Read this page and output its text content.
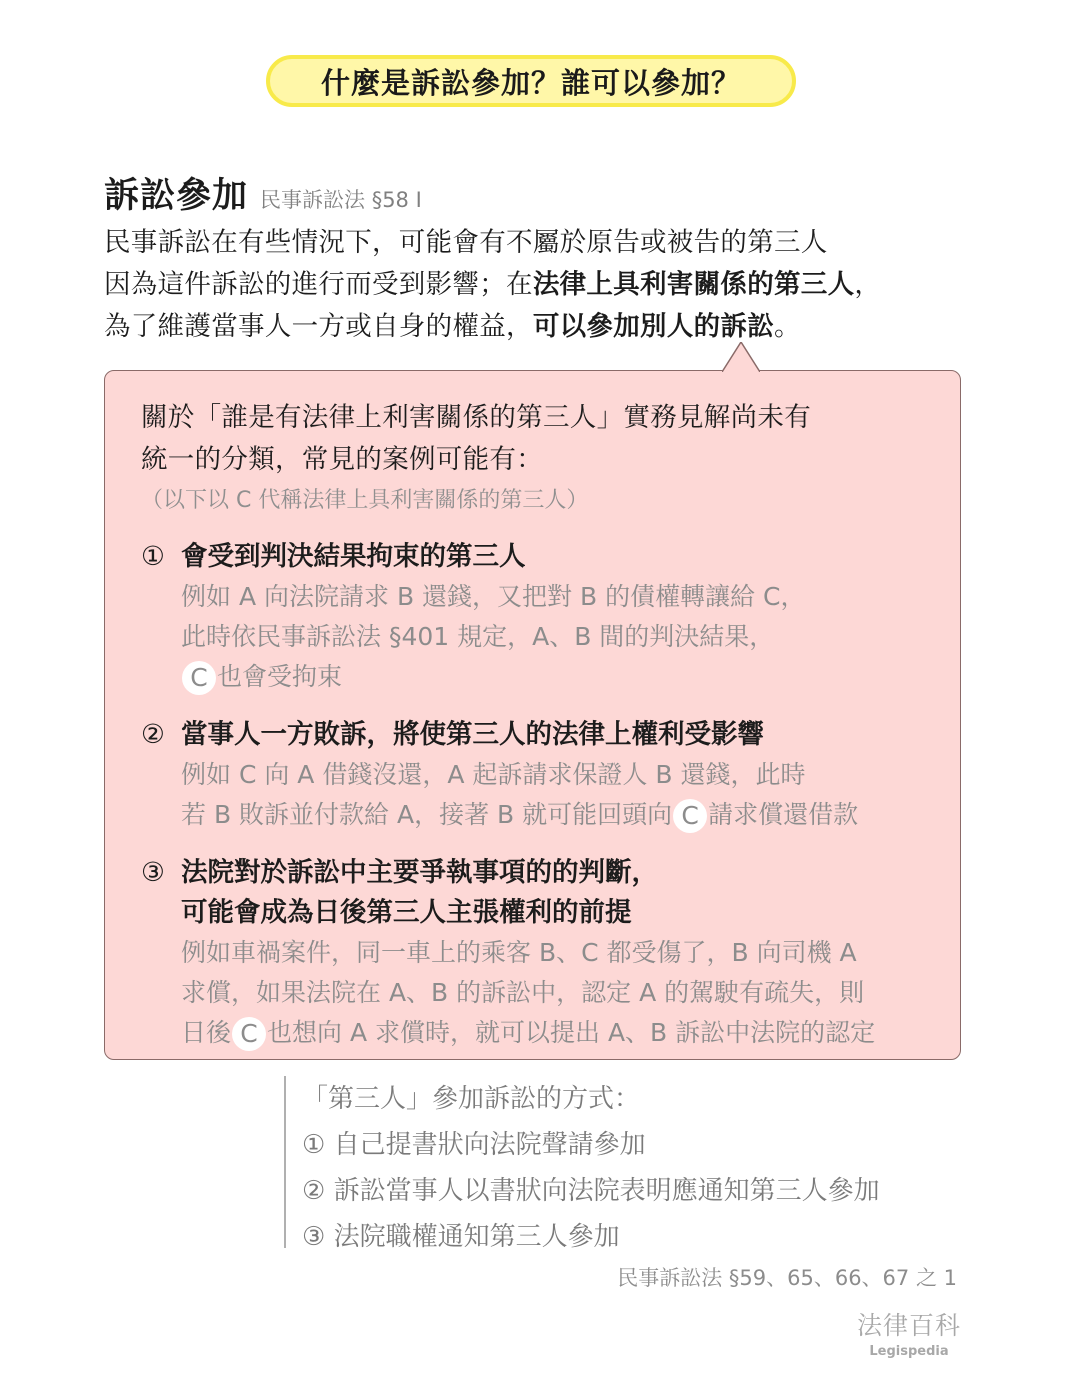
什麼是訴訟參加？誰可以參加？
訴訟參加 民事訴訟法 §58 I
民事訴訟在有些情況下，可能會有不屬於原告或被告的第三人
因為這件訴訟的進行而受到影響；在法律上具利害關係的第三人，
為了維護當事人一方或自身的權益，可以參加別人的訴訟。
關於「誰是有法律上利害關係的第三人」實務見解尚未有
統一的分類，常見的案例可能有：
（以下以 C 代稱法律上具利害關係的第三人）
① 會受到判決結果拘束的第三人
例如 A 向法院請求 B 還錢，又把對 B 的債權轉讓給 C，
此時依民事訴訟法 §401 規定，A、B 間的判決結果，
C 也會受拘束
② 當事人一方敗訴，將使第三人的法律上權利受影響
例如 C 向 A 借錢沒還，A 起訴請求保證人 B 還錢，此時
若 B 敗訴並付款給 A，接著 B 就可能回頭向 C 請求償還借款
③ 法院對於訴訟中主要爭執事項的的判斷，
可能會成為日後第三人主張權利的前提
例如車禍案件，同一車上的乘客 B、C 都受傷了，B 向司機 A
求償，如果法院在 A、B 的訴訟中，認定 A 的駕駛有疏失，則
日後 C 也想向 A 求償時，就可以提出 A、B 訴訟中法院的認定
「第三人」參加訴訟的方式：
① 自己提書狀向法院聲請參加
② 訴訟當事人以書狀向法院表明應通知第三人參加
③ 法院職權通知第三人參加
民事訴訟法 §59、65、66、67 之 1
法律百科
Legispedia
